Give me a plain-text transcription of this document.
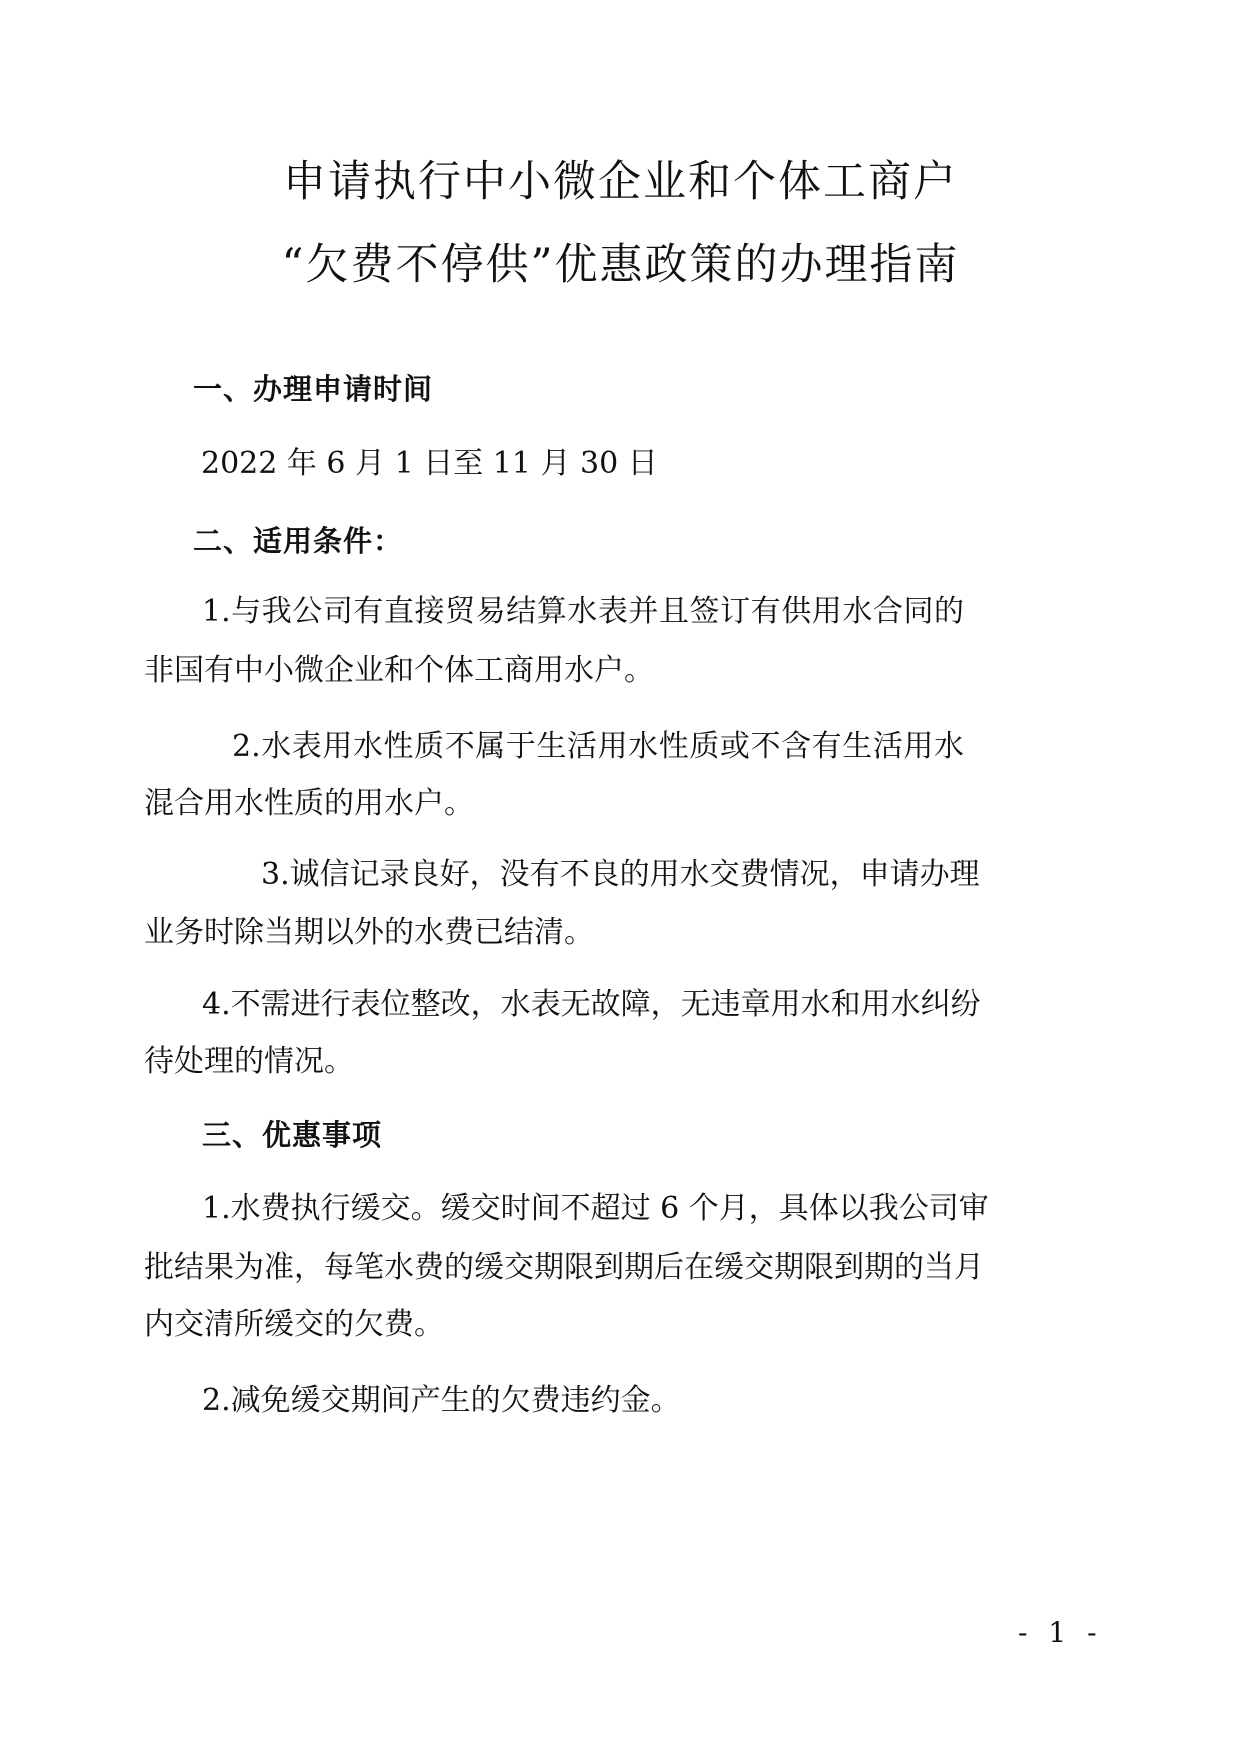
申请执行中小微企业和个体工商户
“欠费不停供”优惠政策的办理指南
一、办理申请时间

2022 年 6 月 1 日至 11 月 30 日

二、适用条件：

1.与我公司有直接贸易结算水表并且签订有供用水合同的

非国有中小微企业和个体工商用水户。

2.水表用水性质不属于生活用水性质或不含有生活用水

混合用水性质的用水户。

3.诚信记录良好，没有不良的用水交费情况，申请办理

业务时除当期以外的水费已结清。

4.不需进行表位整改，水表无故障，无违章用水和用水纠纷

待处理的情况。

三、优惠事项

1.水费执行缓交。缓交时间不超过 6 个月，具体以我公司审

批结果为准，每笔水费的缓交期限到期后在缓交期限到期的当月

内交清所缓交的欠费。

2.减免缓交期间产生的欠费违约金。

- 1 -
